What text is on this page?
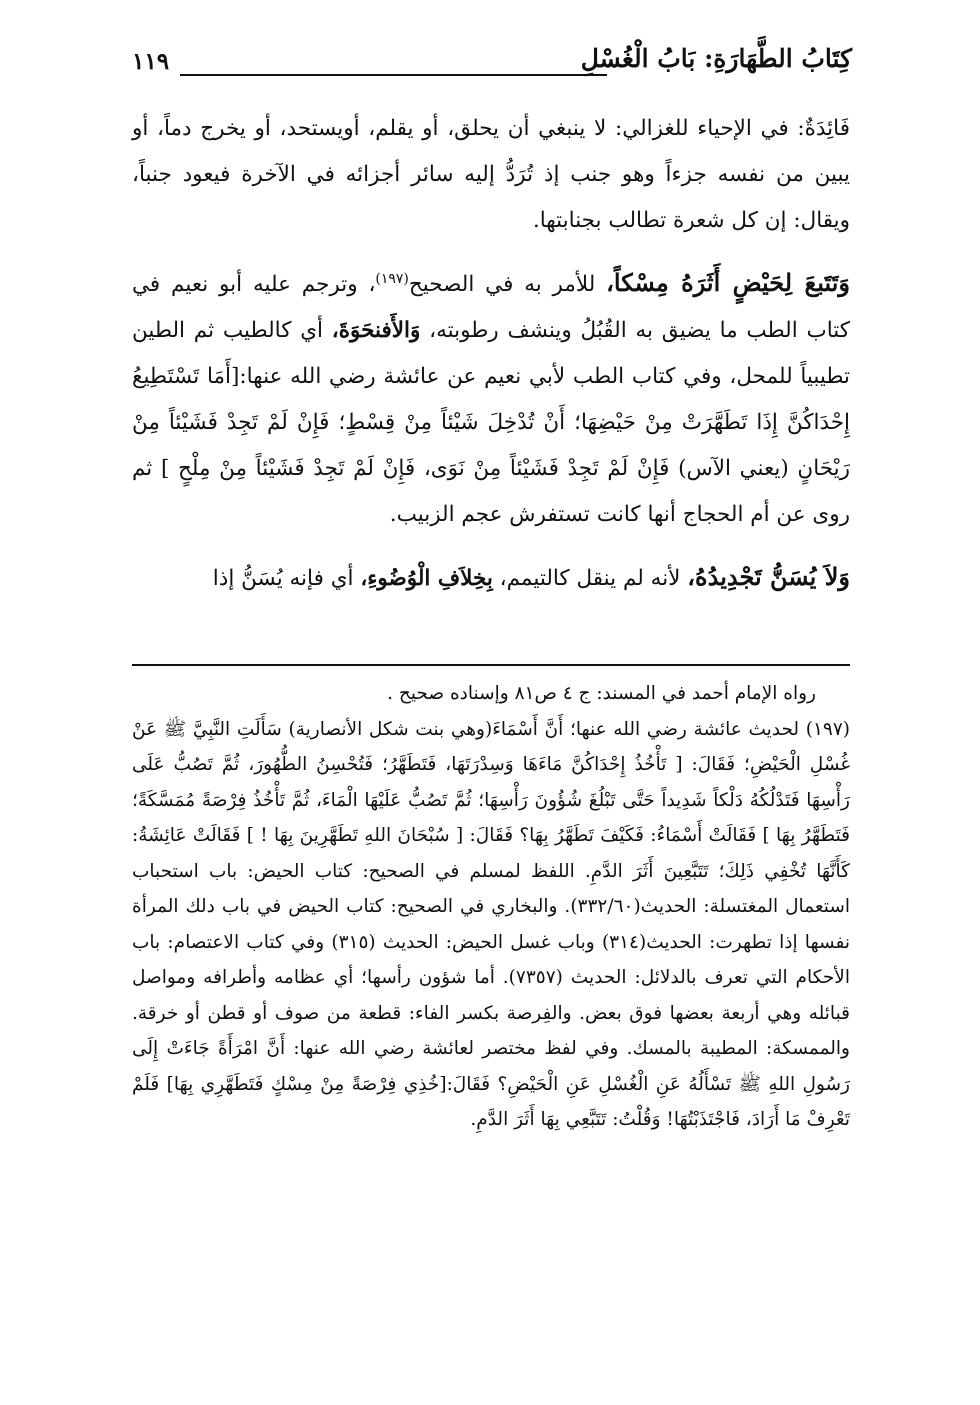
كِتَابُ الطَّهَارَةِ: بَابُ الْغُسْلِ
١١٩

فَائِدَةٌ: في الإحياء للغزالي: لا ينبغي أن يحلق، أو يقلم، أويستحد، أو يخرج دماً، أو يبين من نفسه جزءاً وهو جنب إذ تُرَدُّ إليه سائر أجزائه في الآخرة فيعود جنباً، ويقال: إن كل شعرة تطالب بجنابتها.

وَتَتَبعَ لِحَيْضٍ أَثَرَهُ مِسْكاً، للأمر به في الصحيح$^{(١٩٧)}$، وترجم عليه أبو نعيم في كتاب الطب ما يضيق به القُبُلُ وينشف رطوبته، وَالأَفنحَوَةَ، أي كالطيب ثم الطين تطيبياً للمحل، وفي كتاب الطب لأبي نعيم عن عائشة رضي الله عنها:[أَمَا تَسْتَطِيعُ إِحْدَاكُنَّ إِذَا تَطَهَّرَتْ مِنْ حَيْضِهَا؛ أَنْ تُدْخِلَ شَيْئاً مِنْ قِسْطٍ؛ فَإِنْ لَمْ تَجِدْ فَشَيْئاً مِنْ رَيْحَانٍ (يعني الآس) فَإِنْ لَمْ تَجِدْ فَشَيْئاً مِنْ نَوَى، فَإِنْ لَمْ تَجِدْ فَشَيْئاً مِنْ مِلْحٍ ] ثم روى عن أم الحجاج أنها كانت تستفرش عجم الزبيب.

وَلاَ يُسَنُّ تَجْدِيدُهُ، لأنه لم ينقل كالتيمم، بِخِلاَفِ الْوُضُوءِ، أي فإنه يُسَنُّ إذا

رواه الإمام أحمد في المسند: ج ٤ ص٨١ وإسناده صحيح .

(١٩٧) لحديث عائشة رضي الله عنها؛ أَنَّ أَسْمَاءَ(وهي بنت شكل الأنصارية) سَأَلَتِ النَّبِيَّ ﷺ عَنْ غُسْلِ الْحَيْضِ؛ فَقَالَ: [ تَأْخُذُ إِحْدَاكُنَّ مَاءَهَا وَسِدْرَتَهَا، فَتَطَهَّرُ؛ فَتُحْسِنُ الطُّهُورَ، ثُمَّ تَصُبُّ عَلَى رَأْسِهَا فَتَدْلُكُهُ دَلْكاً شَدِيداً حَتَّى تَبْلُغَ شُؤُونَ رَأْسِهَا؛ ثُمَّ تَصُبُّ عَلَيْهَا الْمَاءَ، ثُمَّ تَأْخُذُ فِرْصَةً مُمَسَّكَةً؛ فَتَطَهَّرُ بِهَا ] فَقَالَتْ أَسْمَاءُ: فَكَيْفَ تَطَهَّرُ بِهَا؟ فَقَالَ: [ سُبْحَانَ اللهِ تَطَهَّرِينَ بِهَا ! ] فَقَالَتْ عَائِشَةُ: كَأَنَّهَا تُخْفِي ذَلِكَ؛ تَتَبَّعِينَ أَثَرَ الدَّمِ. اللفظ لمسلم في الصحيح: كتاب الحيض: باب استحباب استعمال المغتسلة: الحديث(٣٣٢/٦٠). والبخاري في الصحيح: كتاب الحيض في باب دلك المرأة نفسها إذا تطهرت: الحديث(٣١٤) وباب غسل الحيض: الحديث (٣١٥) وفي كتاب الاعتصام: باب الأحكام التي تعرف بالدلائل: الحديث (٧٣٥٧). أما شؤون رأسها؛ أي عظامه وأطرافه ومواصل قبائله وهي أربعة بعضها فوق بعض. والفِرصة بكسر الفاء: قطعة من صوف أو قطن أو خرقة. والممسكة: المطيبة بالمسك. وفي لفظ مختصر لعائشة رضي الله عنها: أَنَّ امْرَأَةً جَاءَتْ إِلَى رَسُولِ اللهِ ﷺ تَسْأَلُهُ عَنِ الْغُسْلِ عَنِ الْحَيْضِ؟ فَقَالَ:[خُذِي فِرْصَةً مِنْ مِسْكٍ فَتَطَهَّرِي بِهَا] فَلَمْ تَعْرِفْ مَا أَرَادَ، فَاجْتَذَبْتُهَا! وَقُلْتُ: تَتَبَّعِي بِهَا أَثَرَ الدَّمِ.
